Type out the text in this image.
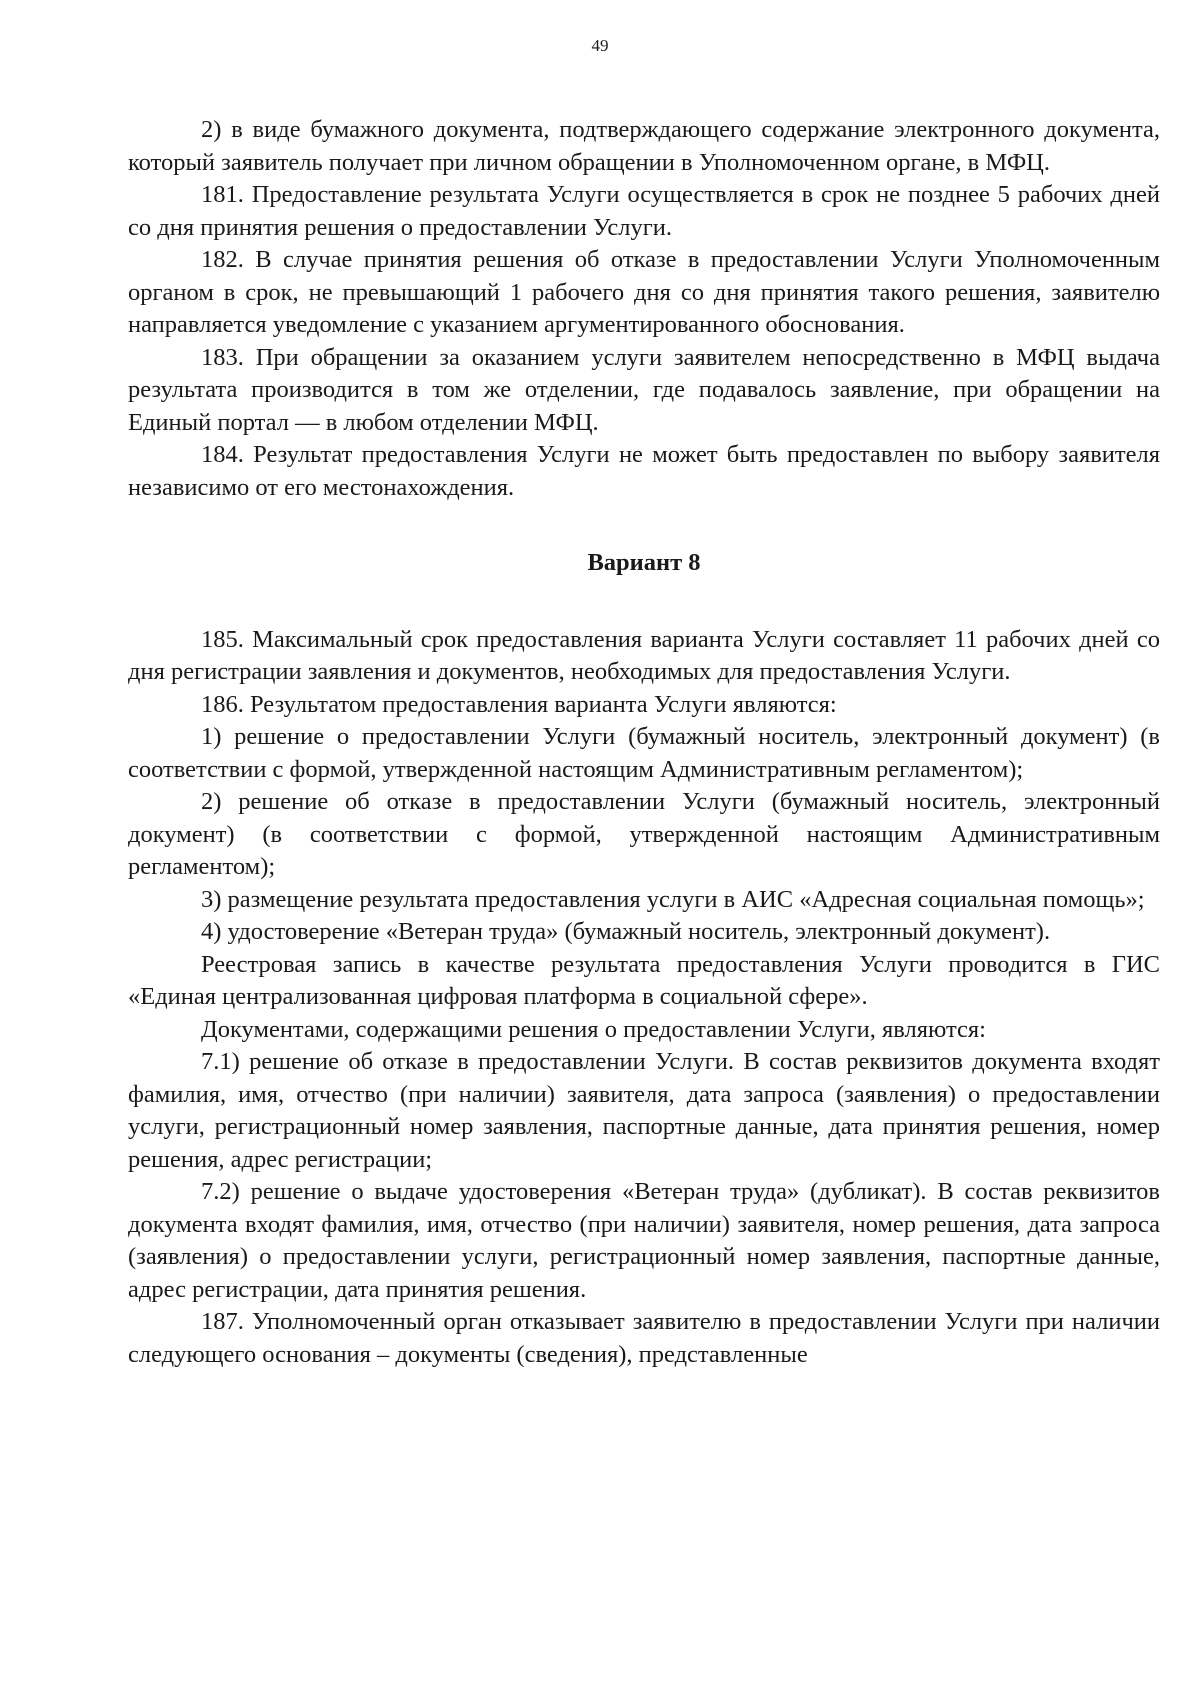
49

2) в виде бумажного документа, подтверждающего содержание электронного документа, который заявитель получает при личном обращении в Уполномоченном органе, в МФЦ.

181. Предоставление результата Услуги осуществляется в срок не позднее 5 рабочих дней со дня принятия решения о предоставлении Услуги.

182. В случае принятия решения об отказе в предоставлении Услуги Уполномоченным органом в срок, не превышающий 1 рабочего дня со дня принятия такого решения, заявителю направляется уведомление с указанием аргументированного обоснования.

183. При обращении за оказанием услуги заявителем непосредственно в МФЦ выдача результата производится в том же отделении, где подавалось заявление, при обращении на Единый портал — в любом отделении МФЦ.

184. Результат предоставления Услуги не может быть предоставлен по выбору заявителя независимо от его местонахождения.

Вариант 8

185. Максимальный срок предоставления варианта Услуги составляет 11 рабочих дней со дня регистрации заявления и документов, необходимых для предоставления Услуги.

186. Результатом предоставления варианта Услуги являются:

1) решение о предоставлении Услуги (бумажный носитель, электронный документ) (в соответствии с формой, утвержденной настоящим Административным регламентом);

2) решение об отказе в предоставлении Услуги (бумажный носитель, электронный документ) (в соответствии с формой, утвержденной настоящим Административным регламентом);

3) размещение результата предоставления услуги в АИС «Адресная социальная помощь»;

4) удостоверение «Ветеран труда» (бумажный носитель, электронный документ).

Реестровая запись в качестве результата предоставления Услуги проводится в ГИС «Единая централизованная цифровая платформа в социальной сфере».

Документами, содержащими решения о предоставлении Услуги, являются:

7.1) решение об отказе в предоставлении Услуги. В состав реквизитов документа входят фамилия, имя, отчество (при наличии) заявителя, дата запроса (заявления) о предоставлении услуги, регистрационный номер заявления, паспортные данные, дата принятия решения, номер решения, адрес регистрации;

7.2) решение о выдаче удостоверения «Ветеран труда» (дубликат). В состав реквизитов документа входят фамилия, имя, отчество (при наличии) заявителя, номер решения, дата запроса (заявления) о предоставлении услуги, регистрационный номер заявления, паспортные данные, адрес регистрации, дата принятия решения.

187. Уполномоченный орган отказывает заявителю в предоставлении Услуги при наличии следующего основания – документы (сведения), представленные
